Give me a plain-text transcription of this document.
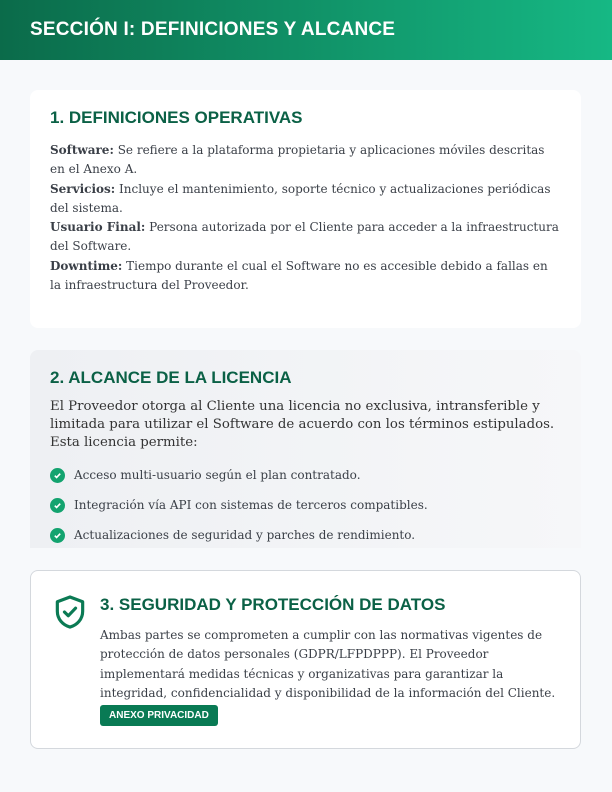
SECCIÓN I: DEFINICIONES Y ALCANCE
1. DEFINICIONES OPERATIVAS
Software: Se refiere a la plataforma propietaria y aplicaciones móviles descritas en el Anexo A.
Servicios: Incluye el mantenimiento, soporte técnico y actualizaciones periódicas del sistema.
Usuario Final: Persona autorizada por el Cliente para acceder a la infraestructura del Software.
Downtime: Tiempo durante el cual el Software no es accesible debido a fallas en la infraestructura del Proveedor.
2. ALCANCE DE LA LICENCIA

El Proveedor otorga al Cliente una licencia no exclusiva, intransferible y limitada para utilizar el Software de acuerdo con los términos estipulados. Esta licencia permite:

Acceso multi-usuario según el plan contratado.
Integración vía API con sistemas de terceros compatibles.
Actualizaciones de seguridad y parches de rendimiento.
3. SEGURIDAD Y PROTECCIÓN DE DATOS

Ambas partes se comprometen a cumplir con las normativas vigentes de protección de datos personales (GDPR/LFPDPPP). El Proveedor implementará medidas técnicas y organizativas para garantizar la integridad, confidencialidad y disponibilidad de la información del Cliente.

ANEXO PRIVACIDAD
